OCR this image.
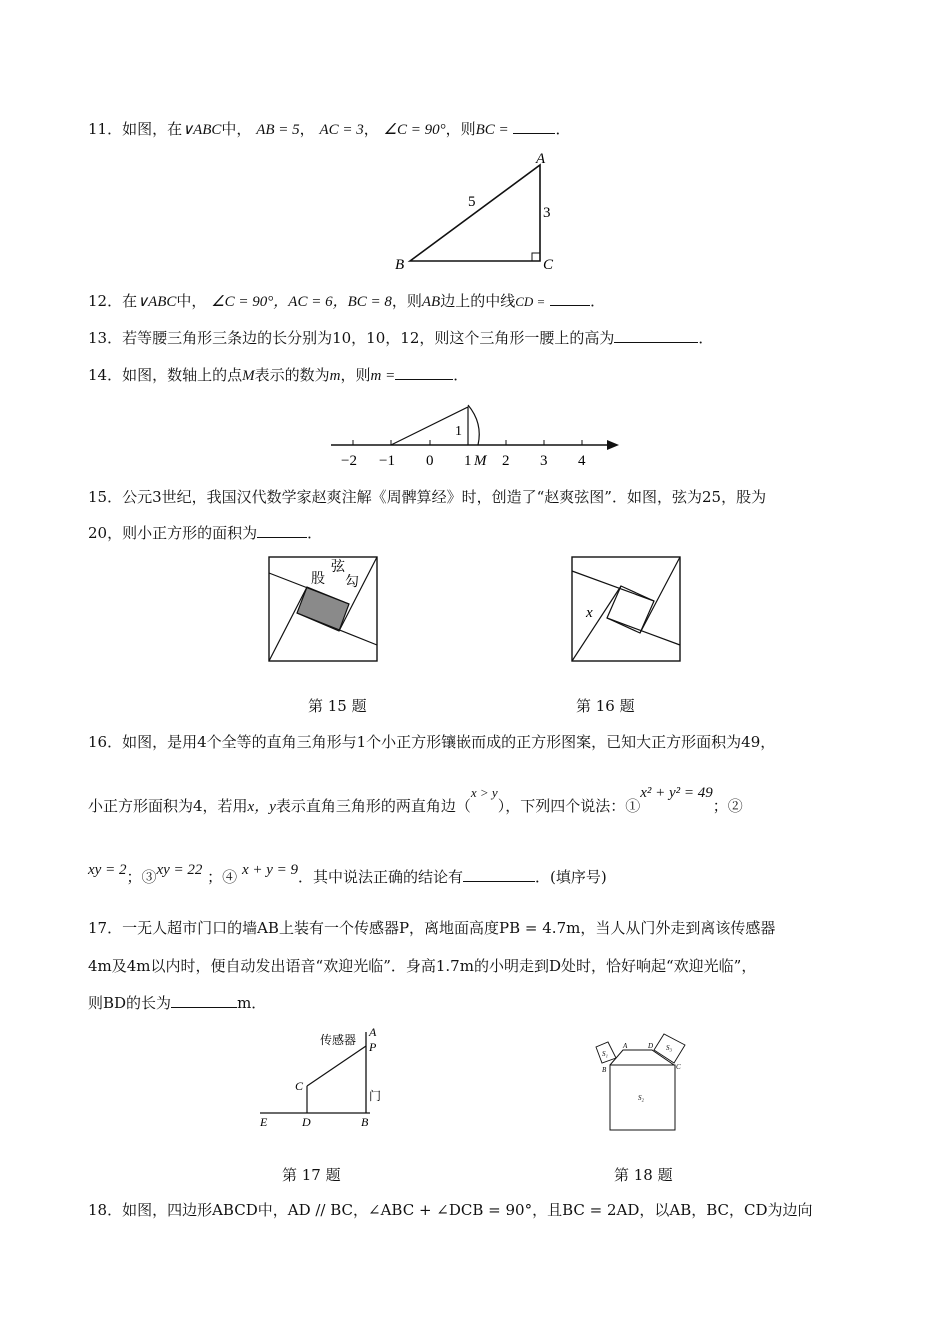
11．如图，在∨ABC中， AB = 5， AC = 3， ∠C = 90°，则BC =	．
A
B	C
5
3
12．在∨ABC中， ∠C = 90°，AC = 6，BC = 8，则AB边上的中线CD =	．
13．若等腰三角形三条边的长分别为10，10，12，则这个三角形一腰上的高为	．
14．如图，数轴上的点M表示的数为m，则m =	．
1
−2 −1 0 1 M 2 3 4
15．公元3世纪，我国汉代数学家赵爽注解《周髀算经》时，创造了“赵爽弦图”．如图，弦为25，股为
20，则小正方形的面积为	．
股
弦
勾
第 15 题
x
第 16 题
16．如图，是用4个全等的直角三角形与1个小正方形镶嵌而成的正方形图案，已知大正方形面积为49，
小正方形面积为4，若用x，y表示直角三角形的两直角边（x > y），下列四个说法：①x² + y² = 49；②
xy = 2；③xy = 22 ；④ x + y = 9．其中说法正确的结论有	．(填序号)
17．一无人超市门口的墙AB上装有一个传感器P，离地面高度PB = 4.7m，当人从门外走到离该传感器
4m及4m以内时，便自动发出语音“欢迎光临”．身高1.7m的小明走到D处时，恰好响起“欢迎光临”，
则BD的长为	m．
传感器
A
P
C
门
E	D	B
第 17 题
A	D
B	C
S₁
S₃
S₂
第 18 题
18．如图，四边形ABCD中，AD // BC，∠ABC + ∠DCB = 90°，且BC = 2AD，以AB，BC，CD为边向
